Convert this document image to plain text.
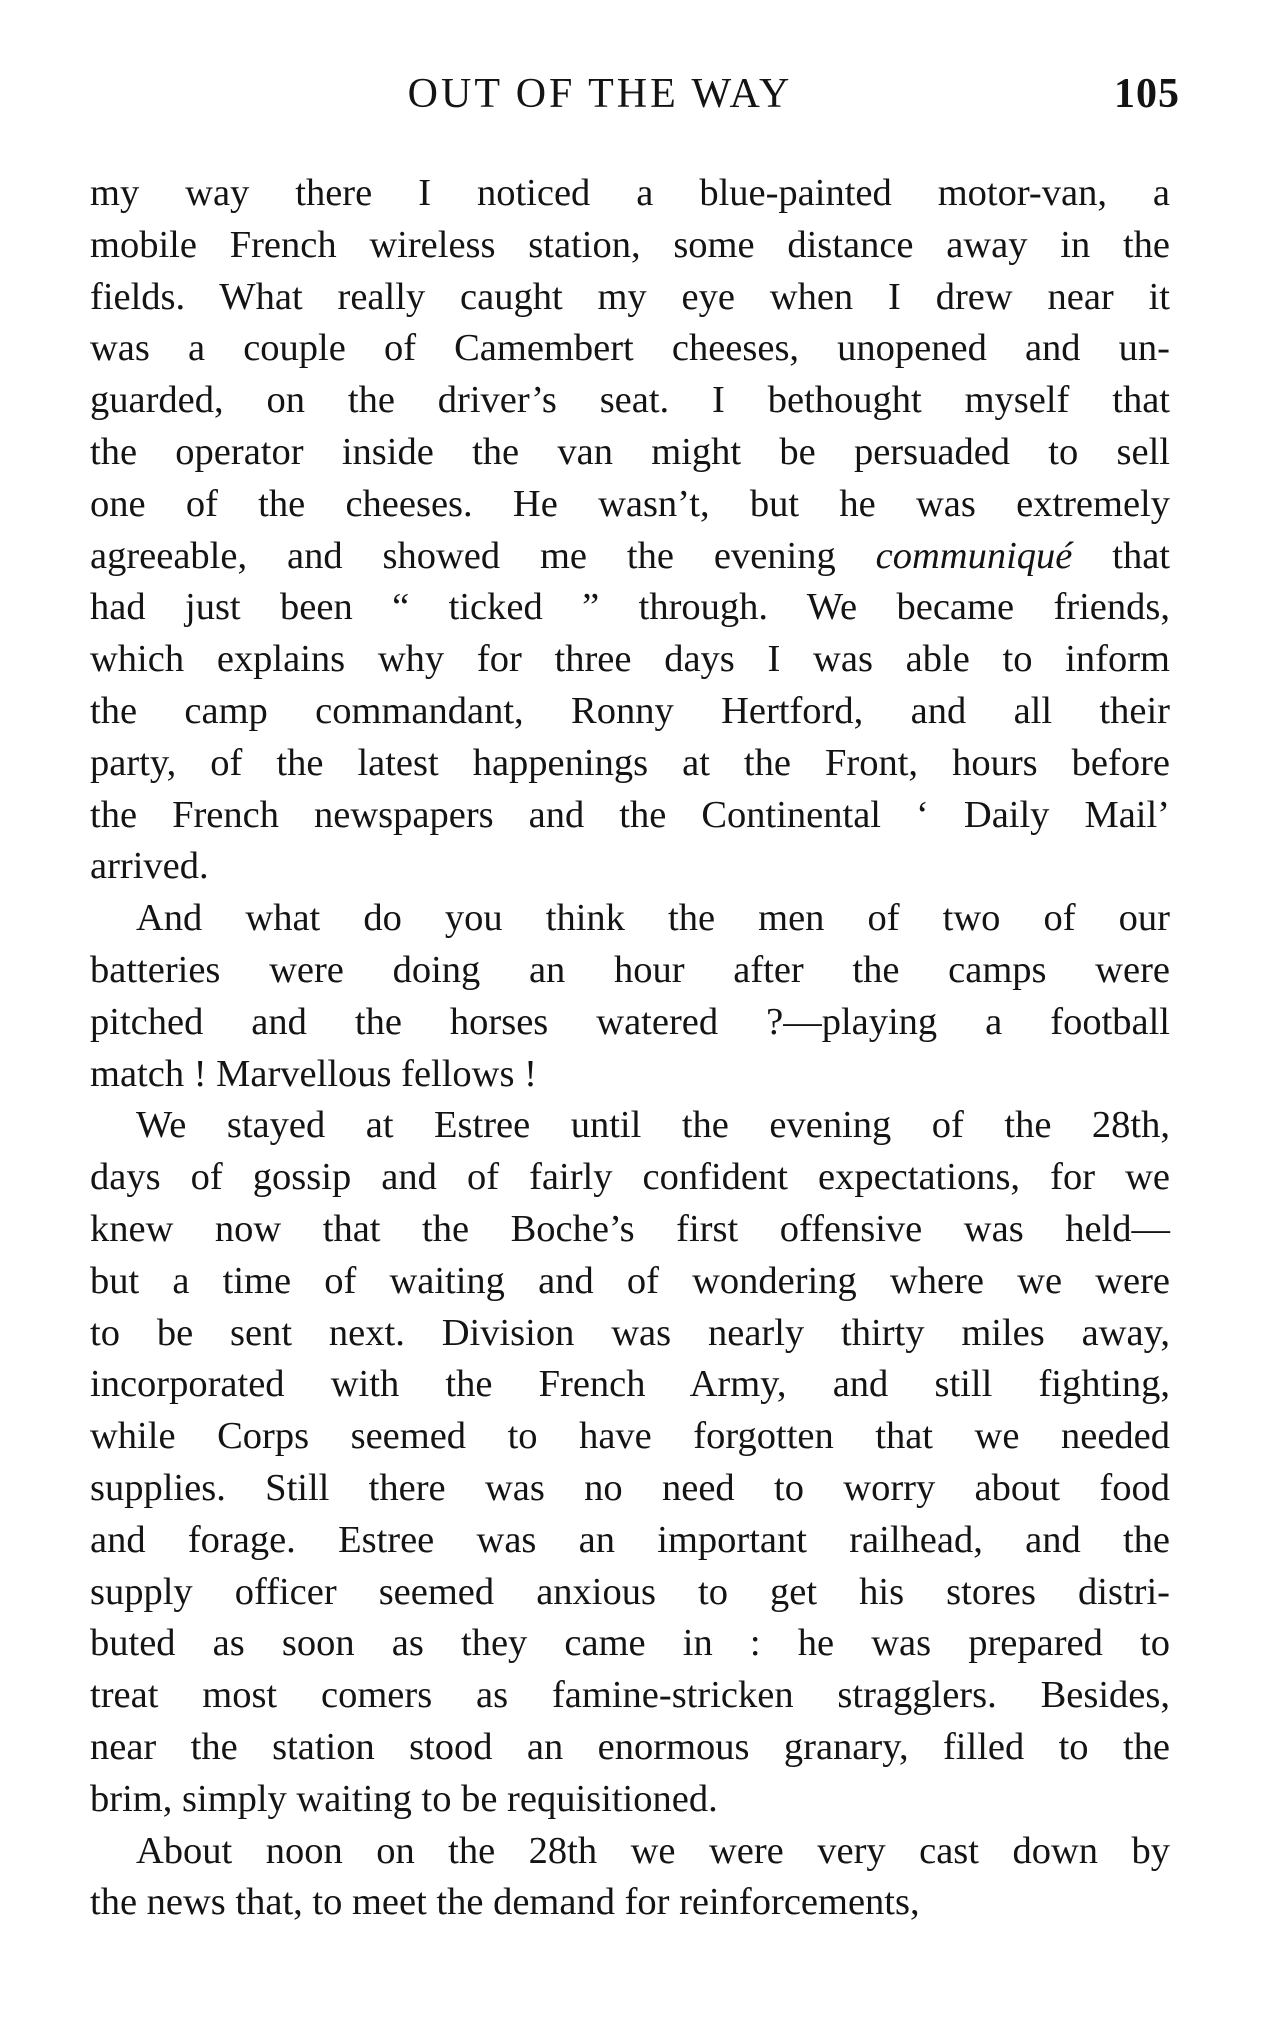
OUT OF THE WAY	105
my way there I noticed a blue-painted motor-van, a
mobile French wireless station, some distance away in the
fields. What really caught my eye when I drew near it
was a couple of Camembert cheeses, unopened and un-
guarded, on the driver’s seat. I bethought myself that
the operator inside the van might be persuaded to sell
one of the cheeses. He wasn’t, but he was extremely
agreeable, and showed me the evening communiqué that
had just been “ ticked ” through. We became friends,
which explains why for three days I was able to inform
the camp commandant, Ronny Hertford, and all their
party, of the latest happenings at the Front, hours before
the French newspapers and the Continental ‘ Daily Mail’
arrived.
And what do you think the men of two of our
batteries were doing an hour after the camps were
pitched and the horses watered ?—playing a football
match ! Marvellous fellows !
We stayed at Estree until the evening of the 28th,
days of gossip and of fairly confident expectations, for we
knew now that the Boche’s first offensive was held—
but a time of waiting and of wondering where we were
to be sent next. Division was nearly thirty miles away,
incorporated with the French Army, and still fighting,
while Corps seemed to have forgotten that we needed
supplies. Still there was no need to worry about food
and forage. Estree was an important railhead, and the
supply officer seemed anxious to get his stores distri-
buted as soon as they came in : he was prepared to
treat most comers as famine-stricken stragglers. Besides,
near the station stood an enormous granary, filled to the
brim, simply waiting to be requisitioned.
About noon on the 28th we were very cast down by
the news that, to meet the demand for reinforcements,
